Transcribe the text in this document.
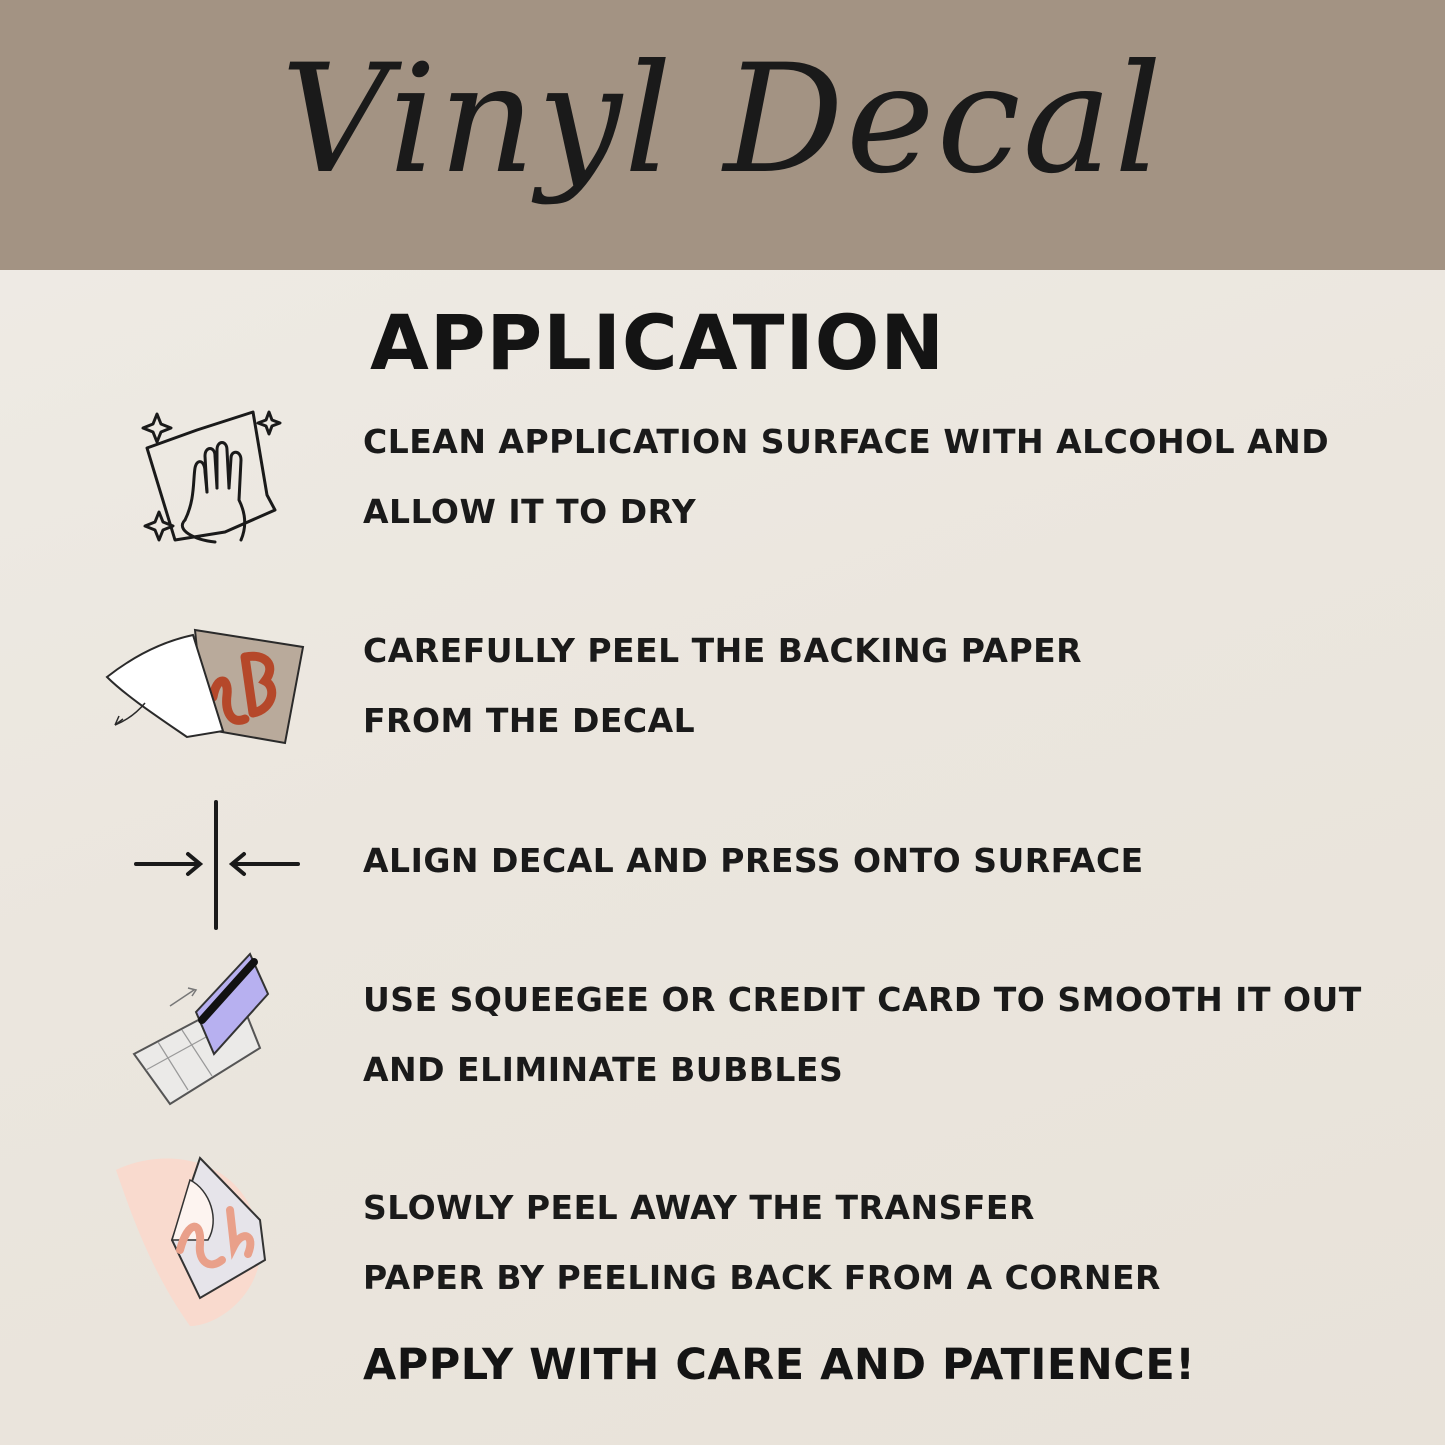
Vinyl Decal
APPLICATION
CLEAN APPLICATION SURFACE WITH ALCOHOL AND
ALLOW IT TO DRY
CAREFULLY PEEL THE BACKING PAPER
FROM THE DECAL
ALIGN DECAL AND PRESS ONTO SURFACE
USE SQUEEGEE OR CREDIT CARD TO SMOOTH IT OUT
AND ELIMINATE BUBBLES
SLOWLY PEEL AWAY THE TRANSFER
PAPER BY PEELING BACK FROM A CORNER
APPLY WITH CARE AND PATIENCE!
